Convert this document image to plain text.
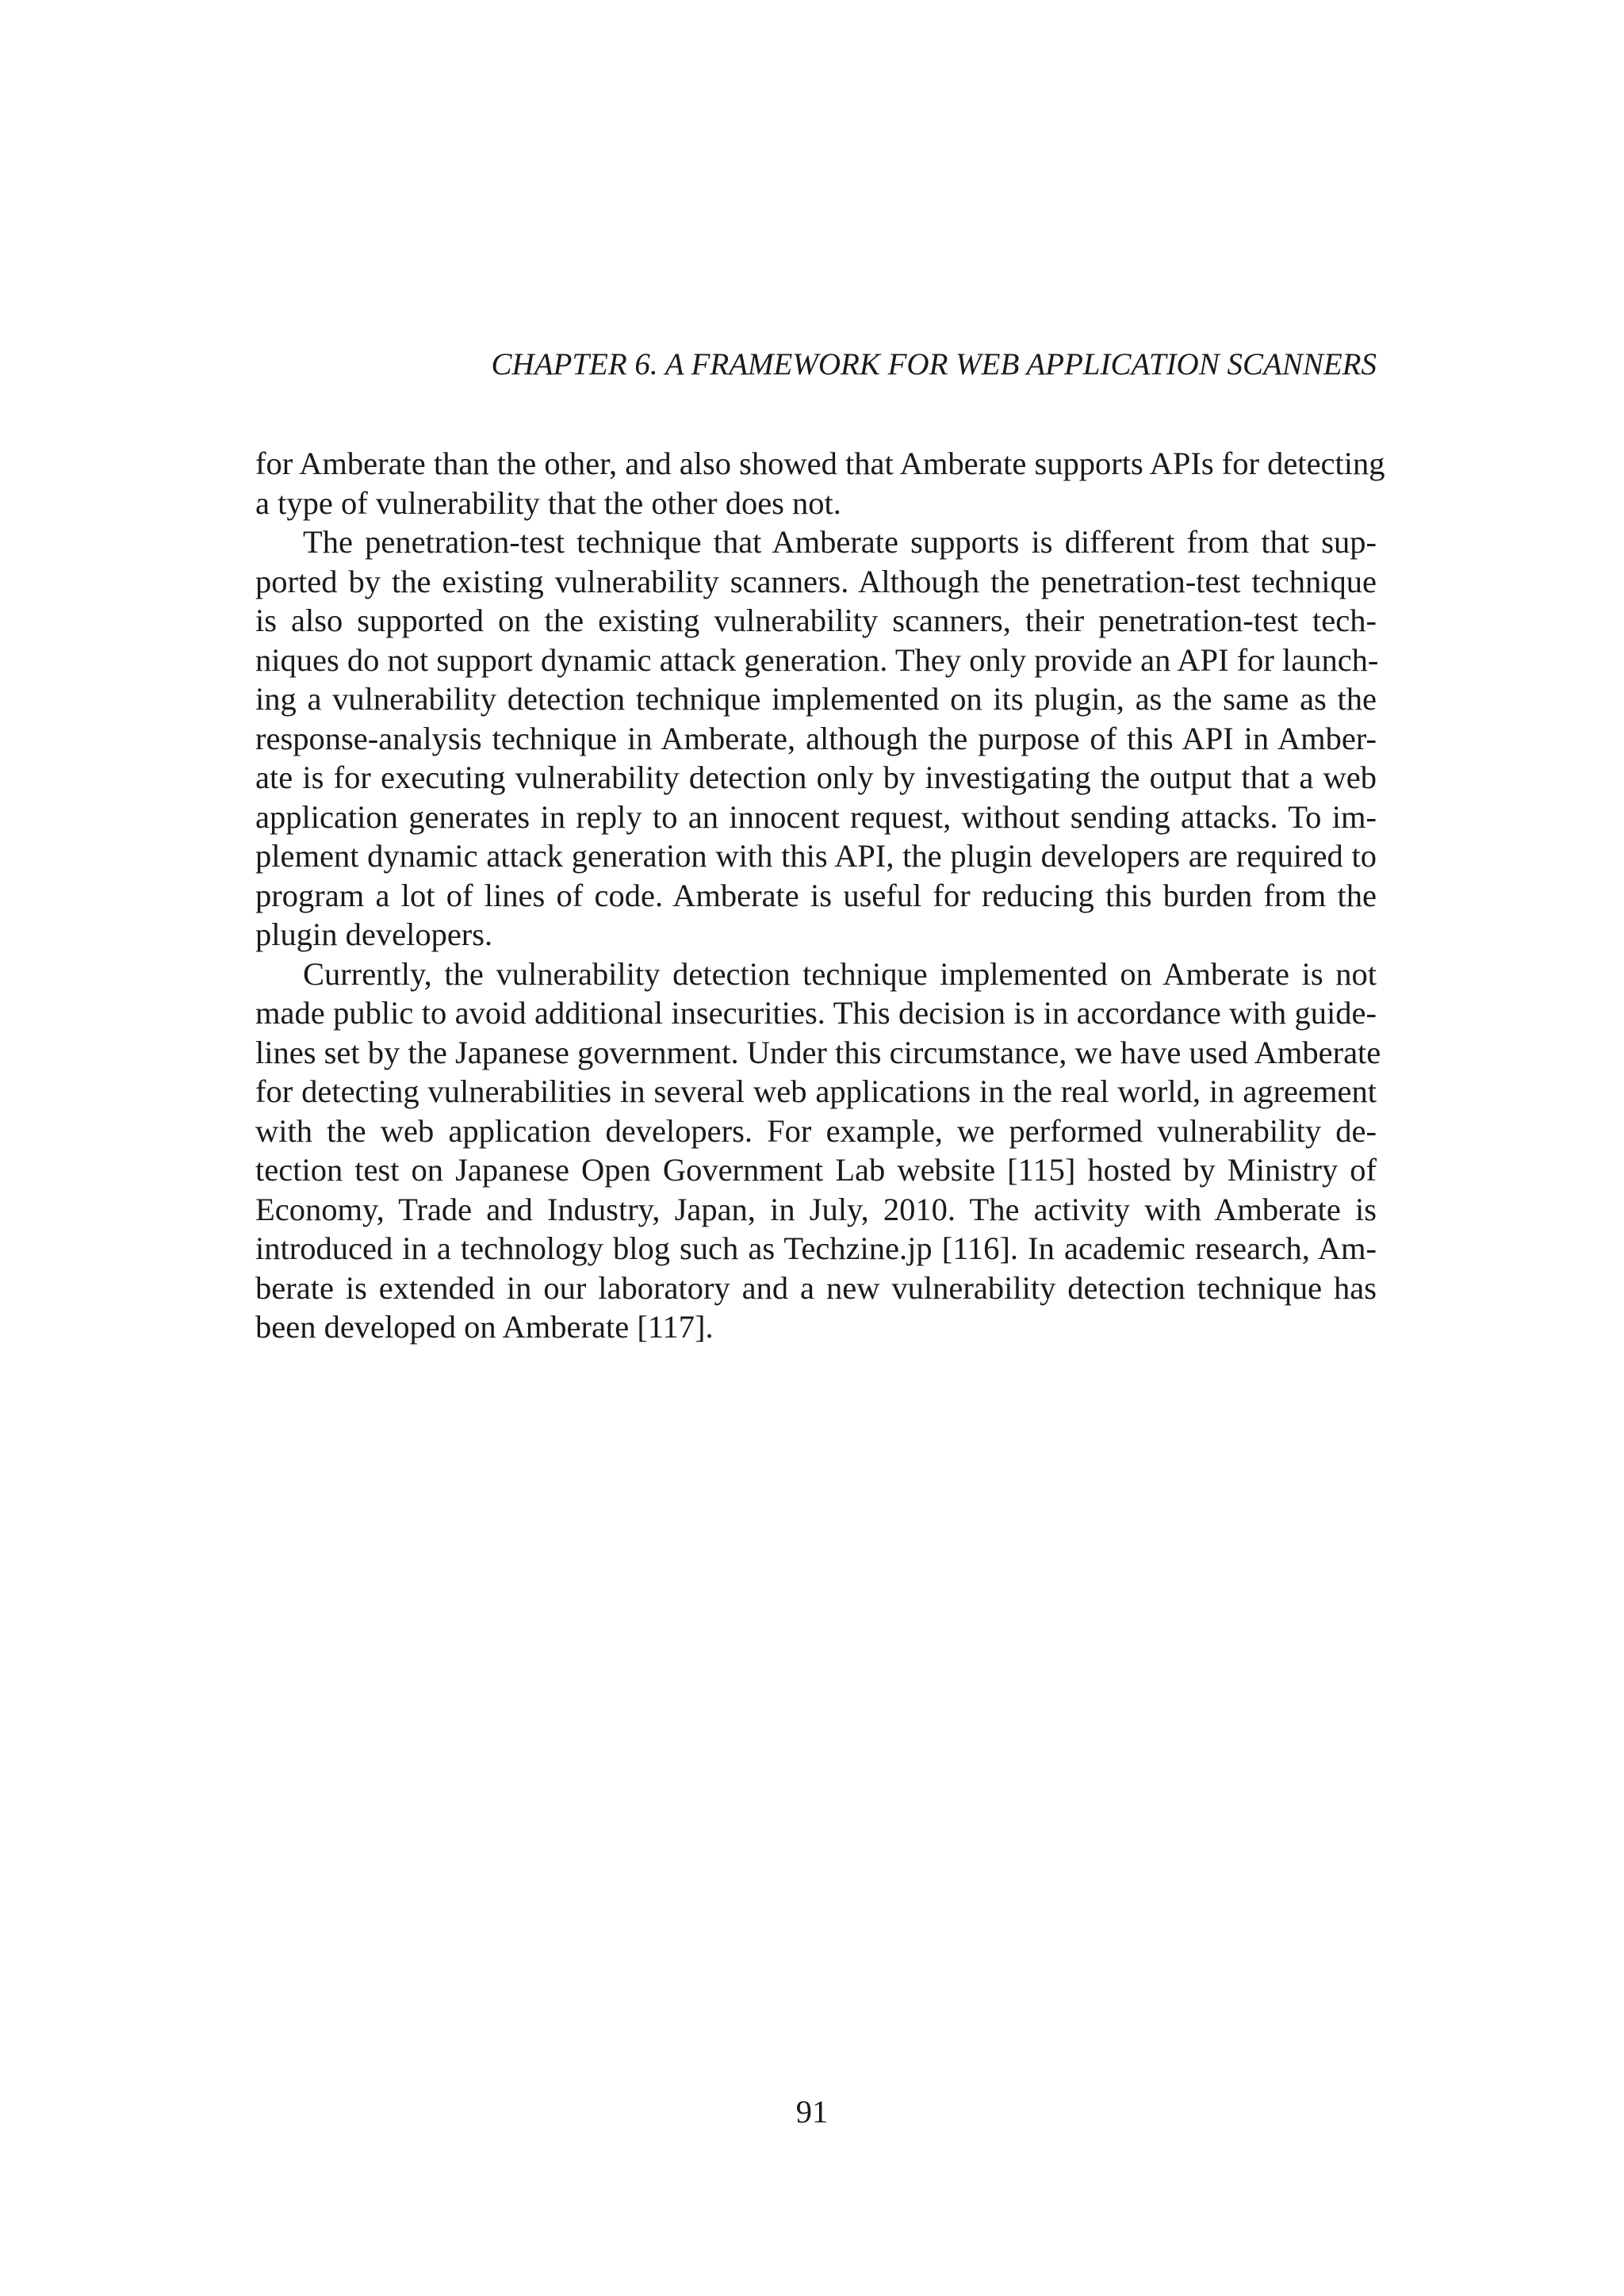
CHAPTER 6. A FRAMEWORK FOR WEB APPLICATION SCANNERS
for Amberate than the other, and also showed that Amberate supports APIs for detecting
a type of vulnerability that the other does not.
The penetration-test technique that Amberate supports is different from that sup-
ported by the existing vulnerability scanners. Although the penetration-test technique
is also supported on the existing vulnerability scanners, their penetration-test tech-
niques do not support dynamic attack generation. They only provide an API for launch-
ing a vulnerability detection technique implemented on its plugin, as the same as the
response-analysis technique in Amberate, although the purpose of this API in Amber-
ate is for executing vulnerability detection only by investigating the output that a web
application generates in reply to an innocent request, without sending attacks. To im-
plement dynamic attack generation with this API, the plugin developers are required to
program a lot of lines of code. Amberate is useful for reducing this burden from the
plugin developers.
Currently, the vulnerability detection technique implemented on Amberate is not
made public to avoid additional insecurities. This decision is in accordance with guide-
lines set by the Japanese government. Under this circumstance, we have used Amberate
for detecting vulnerabilities in several web applications in the real world, in agreement
with the web application developers. For example, we performed vulnerability de-
tection test on Japanese Open Government Lab website [115] hosted by Ministry of
Economy, Trade and Industry, Japan, in July, 2010. The activity with Amberate is
introduced in a technology blog such as Techzine.jp [116]. In academic research, Am-
berate is extended in our laboratory and a new vulnerability detection technique has
been developed on Amberate [117].
91
